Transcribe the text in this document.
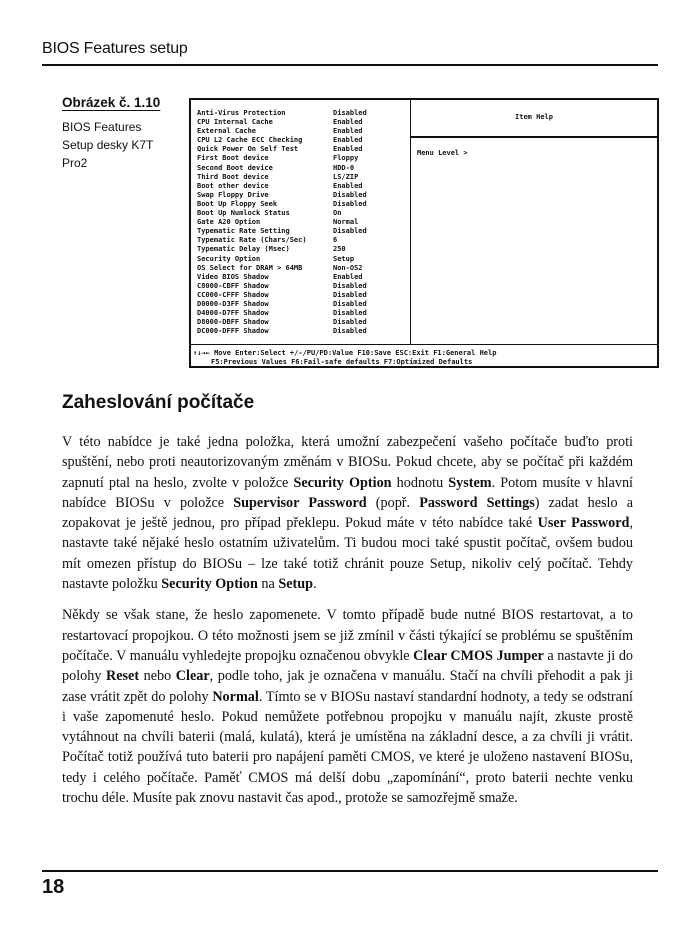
BIOS Features setup
Obrázek č. 1.10
BIOS Features Setup desky K7T Pro2
Anti-Virus Protection	Disabled
CPU Internal Cache	Enabled
External Cache	Enabled
CPU L2 Cache ECC Checking	Enabled
Quick Power On Self Test	Enabled
First Boot device	Floppy
Second Boot device	HDD-0
Third Boot device	LS/ZIP
Boot other device	Enabled
Swap Floppy Drive	Disabled
Boot Up Floppy Seek	Disabled
Boot Up Numlock Status	On
Gate A20 Option	Normal
Typematic Rate Setting	Disabled
Typematic Rate (Chars/Sec)	6
Typematic Delay (Msec)	250
Security Option	Setup
OS Select for DRAM > 64MB	Non-OS2
Video BIOS Shadow	Enabled
C8000-CBFF Shadow	Disabled
CC000-CFFF Shadow	Disabled
D0000-D3FF Shadow	Disabled
D4000-D7FF Shadow	Disabled
D8000-DBFF Shadow	Disabled
DC000-DFFF Shadow	Disabled
Item Help
Menu Level >
↑↓→← Move Enter:Select +/-/PU/PD:Value F10:Save ESC:Exit F1:General Help
F5:Previous Values F6:Fail-safe defaults F7:Optimized Defaults
Zaheslování počítače

V této nabídce je také jedna položka, která umožní zabezpečení vašeho počítače buďto proti spuštění, nebo proti neautorizovaným změnám v BIOSu. Pokud chcete, aby se počítač při každém zapnutí ptal na heslo, zvolte v položce Security Option hodnotu System. Potom musíte v hlavní nabídce BIOSu v položce Supervisor Password (popř. Password Settings) zadat heslo a zopakovat je ještě jednou, pro případ překlepu. Pokud máte v této nabídce také User Password, nastavte také nějaké heslo ostatním uživatelům. Ti budou moci také spustit počítač, ovšem budou mít omezen přístup do BIOSu – lze také totiž chránit pouze Setup, nikoliv celý počítač. Tehdy nastavte položku Security Option na Setup.

Někdy se však stane, že heslo zapomenete. V tomto případě bude nutné BIOS restartovat, a to restartovací propojkou. O této možnosti jsem se již zmínil v části týkající se problému se spuštěním počítače. V manuálu vyhledejte propojku označenou obvykle Clear CMOS Jumper a nastavte ji do polohy Reset nebo Clear, podle toho, jak je označena v manuálu. Stačí na chvíli přehodit a pak ji zase vrátit zpět do polohy Normal. Tímto se v BIOSu nastaví standardní hodnoty, a tedy se odstraní i vaše zapomenuté heslo. Pokud nemůžete potřebnou propojku v manuálu najít, zkuste prostě vytáhnout na chvíli baterii (malá, kulatá), která je umístěna na základní desce, a za chvíli ji vrátit. Počítač totiž používá tuto baterii pro napájení paměti CMOS, ve které je uloženo nastavení BIOSu, tedy i celého počítače. Paměť CMOS má delší dobu „zapomínání“, proto baterii nechte venku trochu déle. Musíte pak znovu nastavit čas apod., protože se samozřejmě smaže.

18
